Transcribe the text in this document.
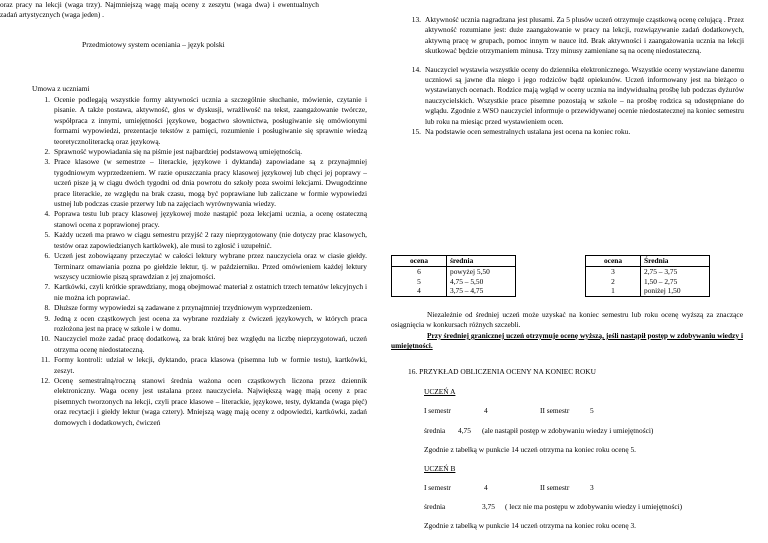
Przedmiotowy system oceniania – język polski
Umowa z uczniami
1. Ocenie podlegają wszystkie formy aktywności ucznia a szczególnie słuchanie, mówienie, czytanie i pisanie. A także postawa, aktywność, głos w dyskusji, wrażliwość na tekst, zaangażowanie twórcze, współpraca z innymi, umiejętności językowe, bogactwo słownictwa, posługiwanie się omówionymi formami wypowiedzi, prezentacje tekstów z pamięci, rozumienie i posługiwanie się sprawnie wiedzą teoretycznoliteracką oraz językową.
2. Sprawność wypowiadania się na piśmie jest najbardziej podstawową umiejętnością.
3. Prace klasowe (w semestrze – literackie, językowe i dyktanda) zapowiadane są z przynajmniej tygodniowym wyprzedzeniem. W razie opuszczania pracy klasowej językowej lub chęci jej poprawy – uczeń pisze ją w ciągu dwóch tygodni od dnia powrotu do szkoły poza swoimi lekcjami. Dwugodzinne prace literackie, ze względu na brak czasu, mogą być poprawiane lub zaliczane w formie wypowiedzi ustnej lub podczas czasie przerwy lub na zajęciach wyrównywania wiedzy.
4. Poprawa testu lub pracy klasowej językowej może nastąpić poza lekcjami ucznia, a ocenę ostateczną stanowi ocena z poprawionej pracy.
5. Każdy uczeń ma prawo w ciągu semestru przyjść 2 razy nieprzygotowany (nie dotyczy prac klasowych, testów oraz zapowiedzianych kartkówek), ale musi to zgłosić i uzupełnić.
6. Uczeń jest zobowiązany przeczytać w całości lektury wybrane przez nauczyciela oraz w ciasie giełdy. Terminarz omawiania pozna po giełdzie lektur, tj. w październiku. Przed omówieniem każdej lektury wszyscy uczniowie piszą sprawdzian z jej znajomości.
7. Kartkówki, czyli krótkie sprawdziany, mogą obejmować materiał z ostatnich trzech tematów lekcyjnych i nie można ich poprawiać.
8. Dłuższe formy wypowiedzi są zadawane z przynajmniej trzydniowym wyprzedzeniem.
9. Jedną z ocen cząstkowych jest ocena za wybrane rozdziały z ćwiczeń językowych, w których praca rozłożona jest na pracę w szkole i w domu.
10. Nauczyciel może zadać pracę dodatkową, za brak której bez względu na liczbę nieprzygotowań, uczeń otrzyma ocenę niedostateczną.
11. Formy kontroli: udział w lekcji, dyktando, praca klasowa (pisemna lub w formie testu), kartkówki, zeszyt.
12. Ocenę semestralną/roczną stanowi średnia ważona ocen cząstkowych liczona przez dziennik elektroniczny. Waga oceny jest ustalana przez nauczyciela. Największą wagę mają oceny z prac pisemnych tworzonych na lekcji, czyli prace klasowe – literackie, językowe, testy, dyktanda (waga pięć) oraz recytacji i giełdy lektur (waga cztery). Mniejszą wagę mają oceny z odpowiedzi, kartkówki, zadań domowych i dodatkowych, ćwiczeń
oraz pracy na lekcji (waga trzy). Najmniejszą wagę mają oceny z zeszytu (waga dwa) i ewentualnych zadań artystycznych (waga jeden) .
13. Aktywność ucznia nagradzana jest plusami. Za 5 plusów uczeń otrzymuje cząstkową ocenę celującą . Przez aktywność rozumiane jest: duże zaangażowanie w pracy na lekcji, rozwiązywanie zadań dodatkowych, aktywną pracę w grupach, pomoc innym w nauce itd. Brak aktywności i zaangażowania ucznia na lekcji skutkować będzie otrzymaniem minusa. Trzy minusy zamieniane są na ocenę niedostateczną.
14. Nauczyciel wystawia wszystkie oceny do dziennika elektronicznego. Wszystkie oceny wystawiane danemu uczniowi są jawne dla niego i jego rodziców bądź opiekunów. Uczeń informowany jest na bieżąco o wystawianych ocenach. Rodzice mają wgląd w oceny ucznia na indywidualną prośbę lub podczas dyżurów nauczycielskich. Wszystkie prace pisemne pozostają w szkole – na prośbę rodzica są udostępniane do wglądu. Zgodnie z WSO nauczyciel informuje o przewidywanej ocenie niedostatecznej na koniec semestru lub roku na miesiąc przed wystawieniem ocen.
15. Na podstawie ocen semestralnych ustalana jest ocena na koniec roku.
ocena	średnia
6	powyżej 5,50
5	4,75 – 5,50
4	3,75 – 4,75
ocena	Średnia
3	2,75 – 3,75
2	1,50 – 2,75
1	poniżej 1,50
Niezależnie od średniej uczeń może uzyskać na koniec semestru lub roku ocenę wyższą za znaczące osiągnięcia w konkursach różnych szczebli.
Przy średniej granicznej uczeń otrzymuje ocenę wyższą, jeśli nastąpił postęp w zdobywaniu wiedzy i umiejętności.
16. PRZYKŁAD OBLICZENIA OCENY NA KONIEC ROKU
UCZEŃ A
I semestr	4	II semestr	5
średnia 4,75 (ale nastąpił postęp w zdobywaniu wiedzy i umiejętności)
Zgodnie z tabelką w punkcie 14 uczeń otrzyma na koniec roku ocenę 5.
UCZEŃ B
I semestr	4	II semestr	3
średnia	3,75 ( lecz nie ma postępu w zdobywaniu wiedzy i umiejętności)
Zgodnie z tabelką w punkcie 14 uczeń otrzyma na koniec roku ocenę 3.
